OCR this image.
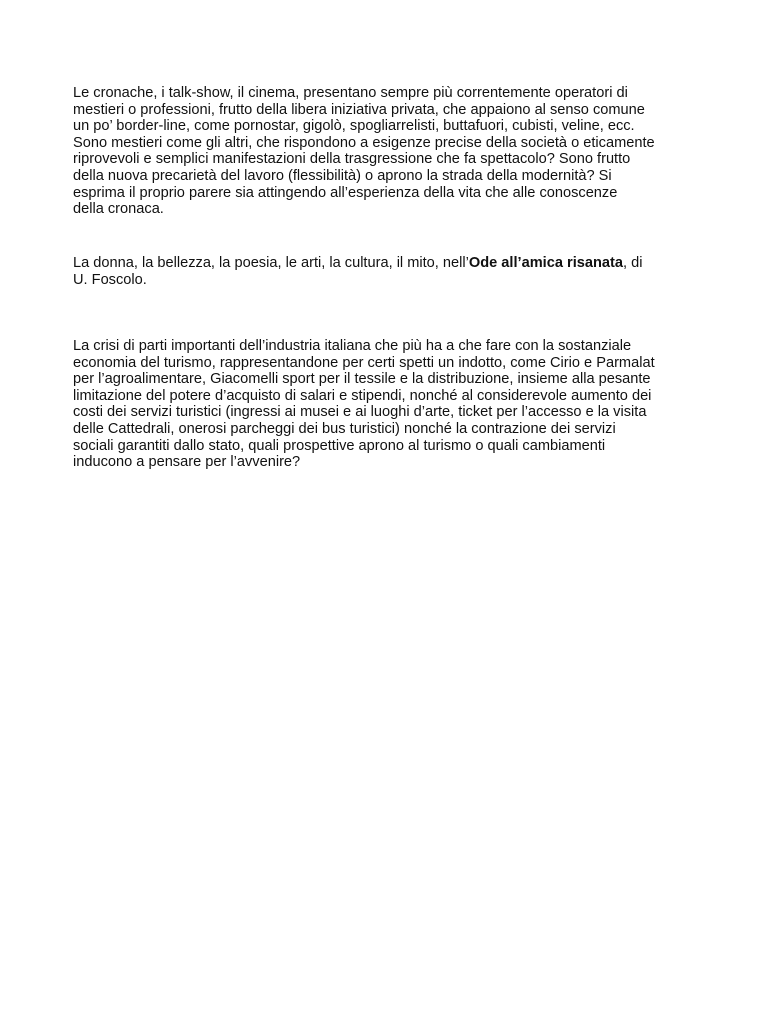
Le cronache, i talk-show, il cinema, presentano sempre più correntemente operatori di
mestieri o professioni, frutto della libera iniziativa privata, che appaiono al senso comune
un po’ border-line, come pornostar, gigolò, spogliarrelisti, buttafuori, cubisti, veline, ecc.
Sono mestieri come gli altri, che rispondono a esigenze precise della società o eticamente
riprovevoli e semplici manifestazioni della trasgressione che fa spettacolo? Sono frutto
della nuova precarietà del lavoro (flessibilità) o aprono la strada della modernità? Si
esprima il proprio parere sia attingendo all’esperienza della vita che alle conoscenze
della cronaca.

La donna, la bellezza, la poesia, le arti, la cultura, il mito, nell’Ode all’amica risanata, di
U. Foscolo.

La crisi di parti importanti dell’industria italiana che più ha a che fare con la sostanziale
economia del turismo, rappresentandone per certi spetti un indotto, come Cirio e Parmalat
per l’agroalimentare, Giacomelli sport per il tessile e la distribuzione, insieme alla pesante
limitazione del potere d’acquisto di salari e stipendi, nonché al considerevole aumento dei
costi dei servizi turistici (ingressi ai musei e ai luoghi d’arte, ticket per l’accesso e la visita
delle Cattedrali, onerosi parcheggi dei bus turistici) nonché la contrazione dei servizi
sociali garantiti dallo stato, quali prospettive aprono al turismo o quali cambiamenti
inducono a pensare per l’avvenire?
